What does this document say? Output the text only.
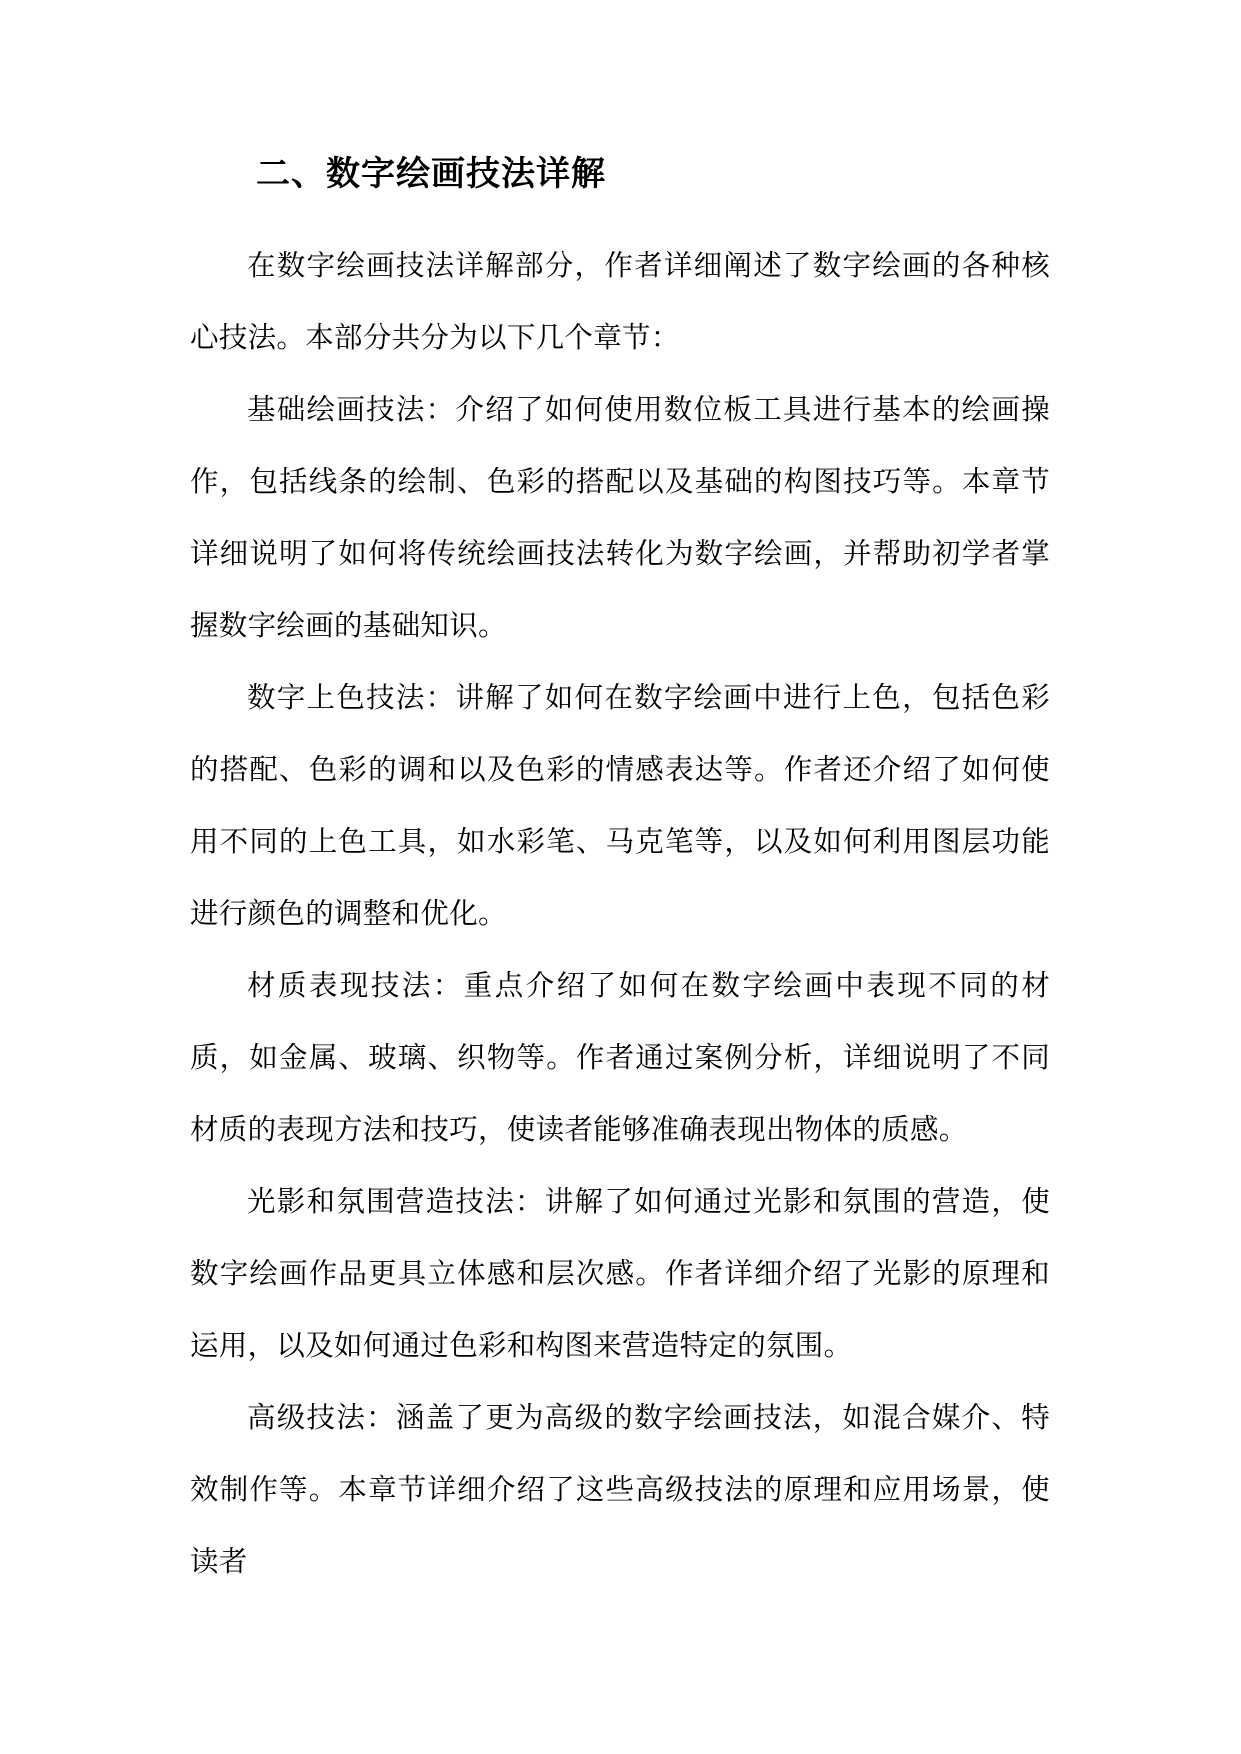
二、数字绘画技法详解

在数字绘画技法详解部分，作者详细阐述了数字绘画的各种核心技法。本部分共分为以下几个章节：

基础绘画技法：介绍了如何使用数位板工具进行基本的绘画操作，包括线条的绘制、色彩的搭配以及基础的构图技巧等。本章节详细说明了如何将传统绘画技法转化为数字绘画，并帮助初学者掌握数字绘画的基础知识。

数字上色技法：讲解了如何在数字绘画中进行上色，包括色彩的搭配、色彩的调和以及色彩的情感表达等。作者还介绍了如何使用不同的上色工具，如水彩笔、马克笔等，以及如何利用图层功能进行颜色的调整和优化。

材质表现技法：重点介绍了如何在数字绘画中表现不同的材质，如金属、玻璃、织物等。作者通过案例分析，详细说明了不同材质的表现方法和技巧，使读者能够准确表现出物体的质感。

光影和氛围营造技法：讲解了如何通过光影和氛围的营造，使数字绘画作品更具立体感和层次感。作者详细介绍了光影的原理和运用，以及如何通过色彩和构图来营造特定的氛围。

高级技法：涵盖了更为高级的数字绘画技法，如混合媒介、特效制作等。本章节详细介绍了这些高级技法的原理和应用场景，使读者
